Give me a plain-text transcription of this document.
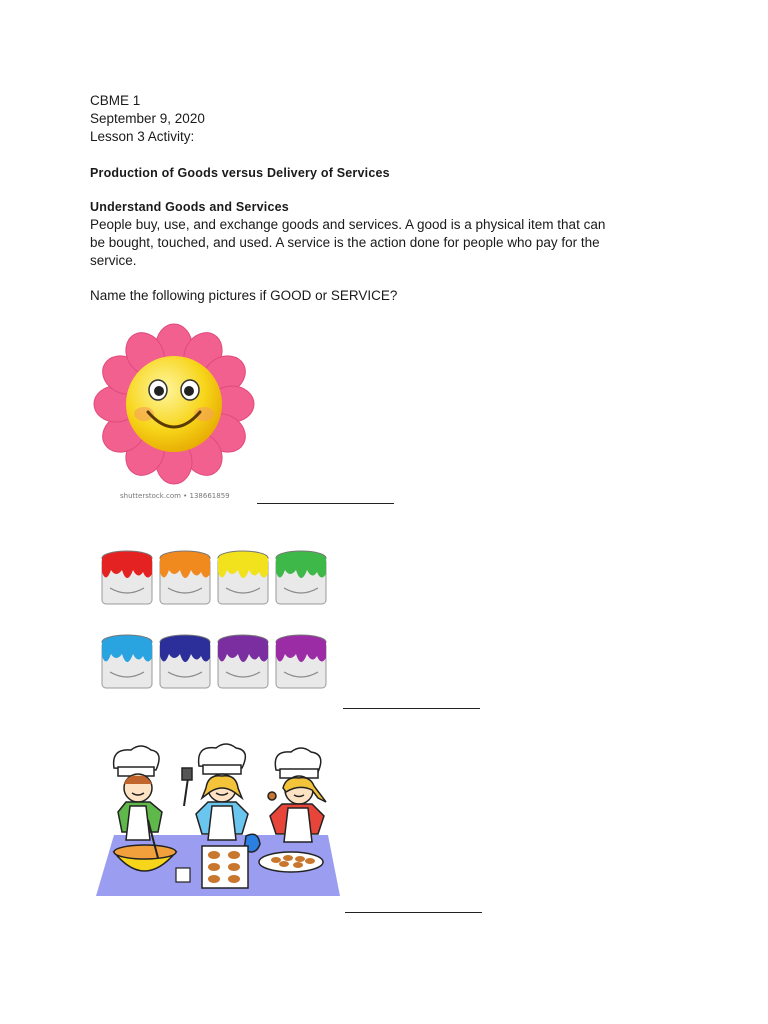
CBME 1
September 9, 2020
Lesson 3 Activity:
Production of Goods versus Delivery of Services
Understand Goods and Services
People buy, use, and exchange goods and services. A good is a physical item that can
be bought, touched, and used. A service is the action done for people who pay for the
service.
Name the following pictures if GOOD or SERVICE?
shutterstock.com • 138661859
